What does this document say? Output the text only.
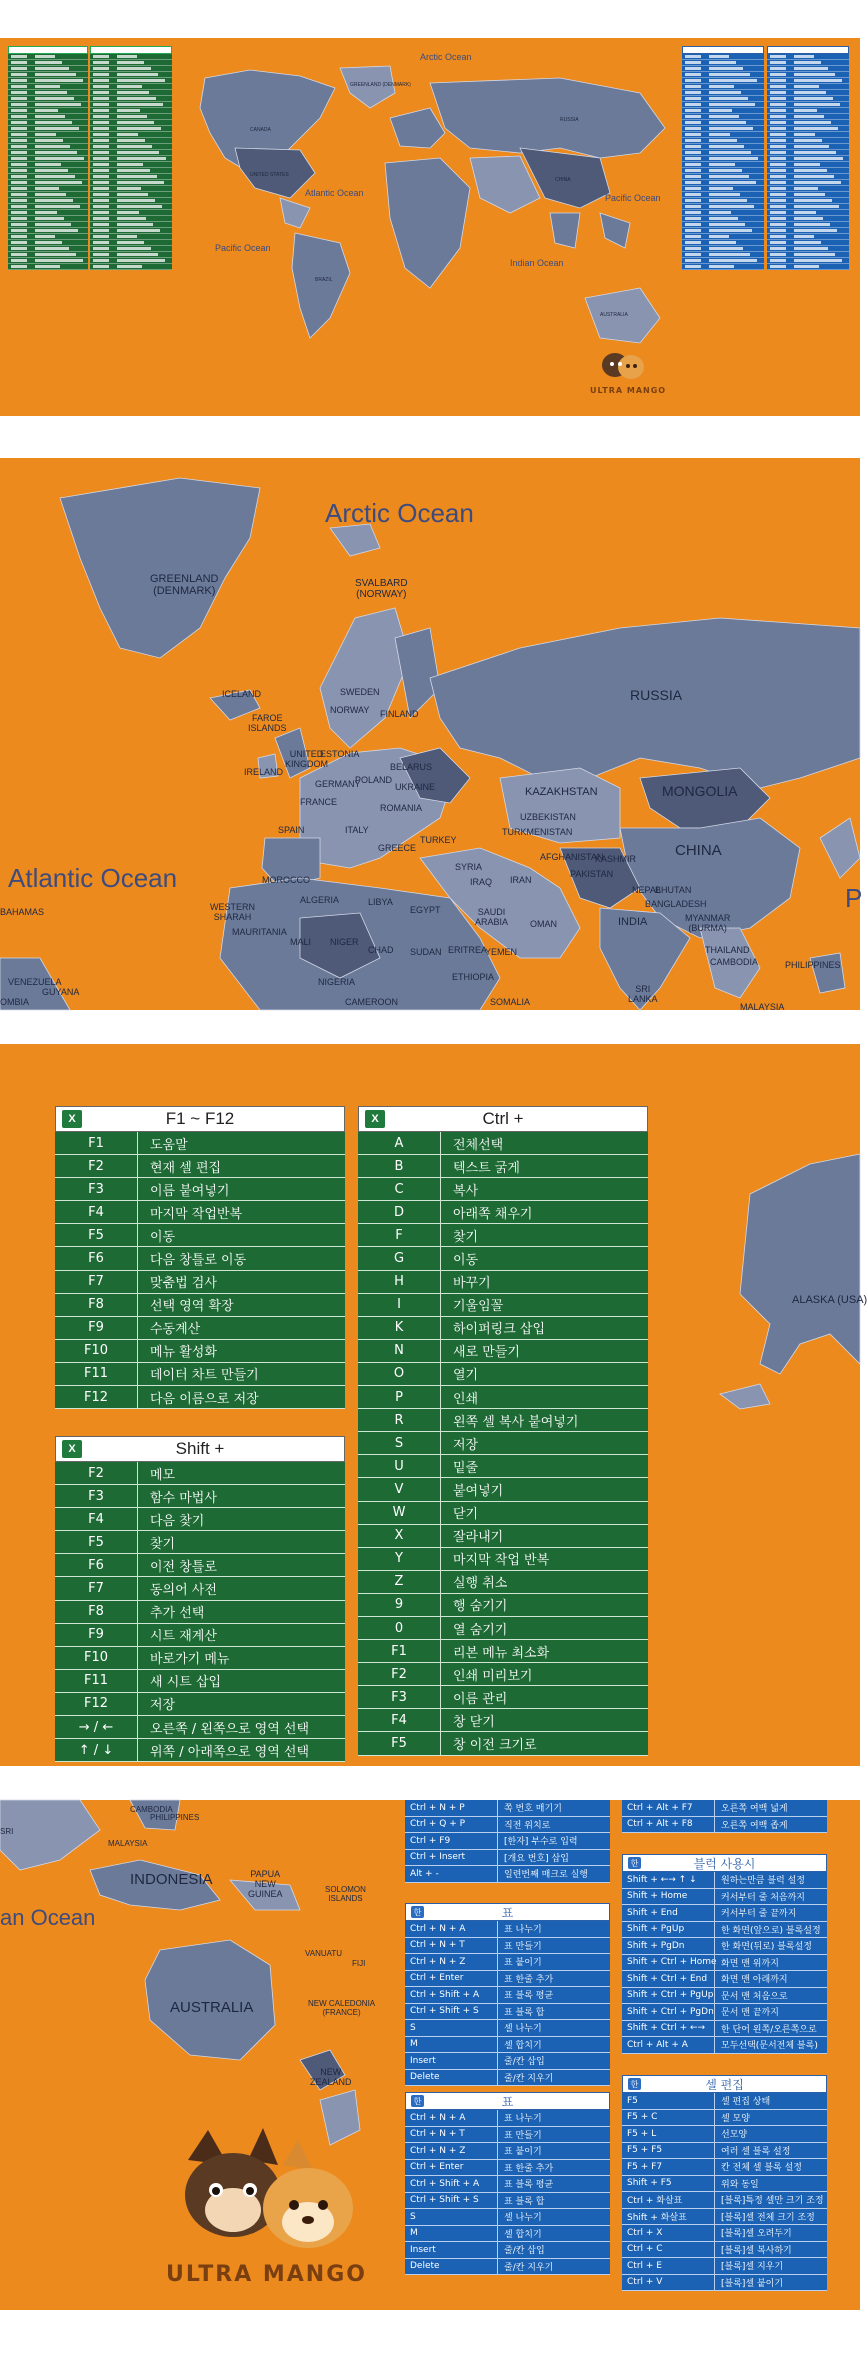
Arctic Ocean
Atlantic Ocean
Pacific Ocean
Pacific Ocean
Indian Ocean
GREENLAND (DENMARK)
CANADA
UNITED STATES
BRAZIL
RUSSIA
CHINA
AUSTRALIA
ULTRA MANGO
Arctic Ocean
Atlantic Ocean
P
GREENLAND
(DENMARK)
SVALBARD
(NORWAY)
ICELAND
FAROE
ISLANDS
NORWAY
SWEDEN
FINLAND
UNITED
KINGDOM
ESTONIA
IRELAND
GERMANY
BELARUS
POLAND
FRANCE
UKRAINE
ROMANIA
SPAIN	ITALY
GREECE
TURKEY
RUSSIA
KAZAKHSTAN	MONGOLIA
UZBEKISTAN
TURKMENISTAN
AFGHANISTAN
KASHMIR	CHINA
PAKISTAN
NEPAL
BHUTAN
BANGLADESH
MYANMAR
(BURMA)
INDIA
THAILAND
CAMBODIA	PHILIPPINES
SYRIA
IRAQ IRAN
MOROCCO
ALGERIA	LIBYA
EGYPT	SAUDI
ARABIA OMAN
YEMEN
WESTERN
SHARAH
MAURITANIA
MALI NIGER
CHAD SUDAN ERITREA
ETHIOPIA
SOMALIA
NIGERIA
CAMEROON
SRI
LANKA
MALAYSIA
BAHAMAS
VENEZUELA
GUYANA
OMBIA
ALASKA (USA)
X	F1 ~ F12
F1	도움말
F2	현재 셀 편집
F3	이름 붙여넣기
F4	마지막 작업반복
F5	이동
F6	다음 창틀로 이동
F7	맞춤법 검사
F8	선택 영역 확장
F9	수동계산
F10	메뉴 활성화
F11	데이터 차트 만들기
F12	다음 이름으로 저장
X	Shift +
F2	메모
F3	함수 마법사
F4	다음 찾기
F5	찾기
F6	이전 창틀로
F7	동의어 사전
F8	추가 선택
F9	시트 재계산
F10	바로가기 메뉴
F11	새 시트 삽입
F12	저장
→ / ←	오른쪽 / 왼쪽으로 영역 선택
↑ / ↓	위쪽 / 아래쪽으로 영역 선택
X	Ctrl +
A	전체선택
B	텍스트 굵게
C	복사
D	아래쪽 채우기
F	찾기
G	이동
H	바꾸기
I	기울임꼴
K	하이퍼링크 삽입
N	새로 만들기
O	열기
P	인쇄
R	왼쪽 셀 복사 붙여넣기
S	저장
U	밑줄
V	붙여넣기
W	닫기
X	잘라내기
Y	마지막 작업 반복
Z	실행 취소
9	행 숨기기
0	열 숨기기
F1	리본 메뉴 최소화
F2	인쇄 미리보기
F3	이름 관리
F4	창 닫기
F5	창 이전 크기로
an Ocean
CAMBODIA
PHILIPPINES
SRI
MALAYSIA
INDONESIA	PAPUA
NEW
GUINEA	SOLOMON
ISLANDS
VANUATU
FIJI
AUSTRALIA	NEW CALEDONIA
(FRANCE)
NEW
ZEALAND
Ctrl + N + P	쪽 번호 매기기
Ctrl + Q + P	직전 위치로
Ctrl + F9	[한자] 부수로 입력
Ctrl + Insert	[개요 번호] 삽입
Alt + -	일련번째 매크로 실행
Ctrl + Alt + F7	오른쪽 여백 넓게
Ctrl + Alt + F8	오른쪽 여백 좁게
한	표
Ctrl + N + A	표 나누기
Ctrl + N + T	표 만들기
Ctrl + N + Z	표 붙이기
Ctrl + Enter	표 한줄 추가
Ctrl + Shift + A	표 블록 평균
Ctrl + Shift + S	표 블록 합
S	셀 나누기
M	셀 합치기
Insert	줄/칸 삽입
Delete	줄/칸 지우기
한	표
Ctrl + N + A	표 나누기
Ctrl + N + T	표 만들기
Ctrl + N + Z	표 붙이기
Ctrl + Enter	표 한줄 추가
Ctrl + Shift + A	표 블록 평균
Ctrl + Shift + S	표 블록 합
S	셀 나누기
M	셀 합치기
Insert	줄/칸 삽입
Delete	줄/칸 지우기
한	블럭 사용시
Shift + ←→ ↑ ↓	원하는만큼 블럭 설정
Shift + Home	커서부터 줄 처음까지
Shift + End	커서부터 줄 끝까지
Shift + PgUp	한 화면(앞으로) 블록설정
Shift + PgDn	한 화면(뒤로) 블록설정
Shift + Ctrl + Home 화면 맨 위까지
Shift + Ctrl + End	화면 맨 아래까지
Shift + Ctrl + PgUp 문서 맨 처음으로
Shift + Ctrl + PgDn 문서 맨 끝까지
Shift + Ctrl + ←→	한 단어 왼쪽/오른쪽으로
Ctrl + Alt + A	모두선택(문서전체 블록)
한	셀 편집
F5	셀 편집 상태
F5 + C	셀 모양
F5 + L	선모양
F5 + F5	여러 셀 블록 설정
F5 + F7	칸 전체 셀 블록 설정
Shift + F5	위와 동일
Ctrl + 화살표	[블록]특정 셀만 크기 조정
Shift + 화살표	[블록]셀 전체 크기 조정
Ctrl + X	[블록]셀 오려두기
Ctrl + C	[블록]셀 복사하기
Ctrl + E	[블록]셀 지우기
Ctrl + V	[블록]셀 붙이기
ULTRA MANGO
